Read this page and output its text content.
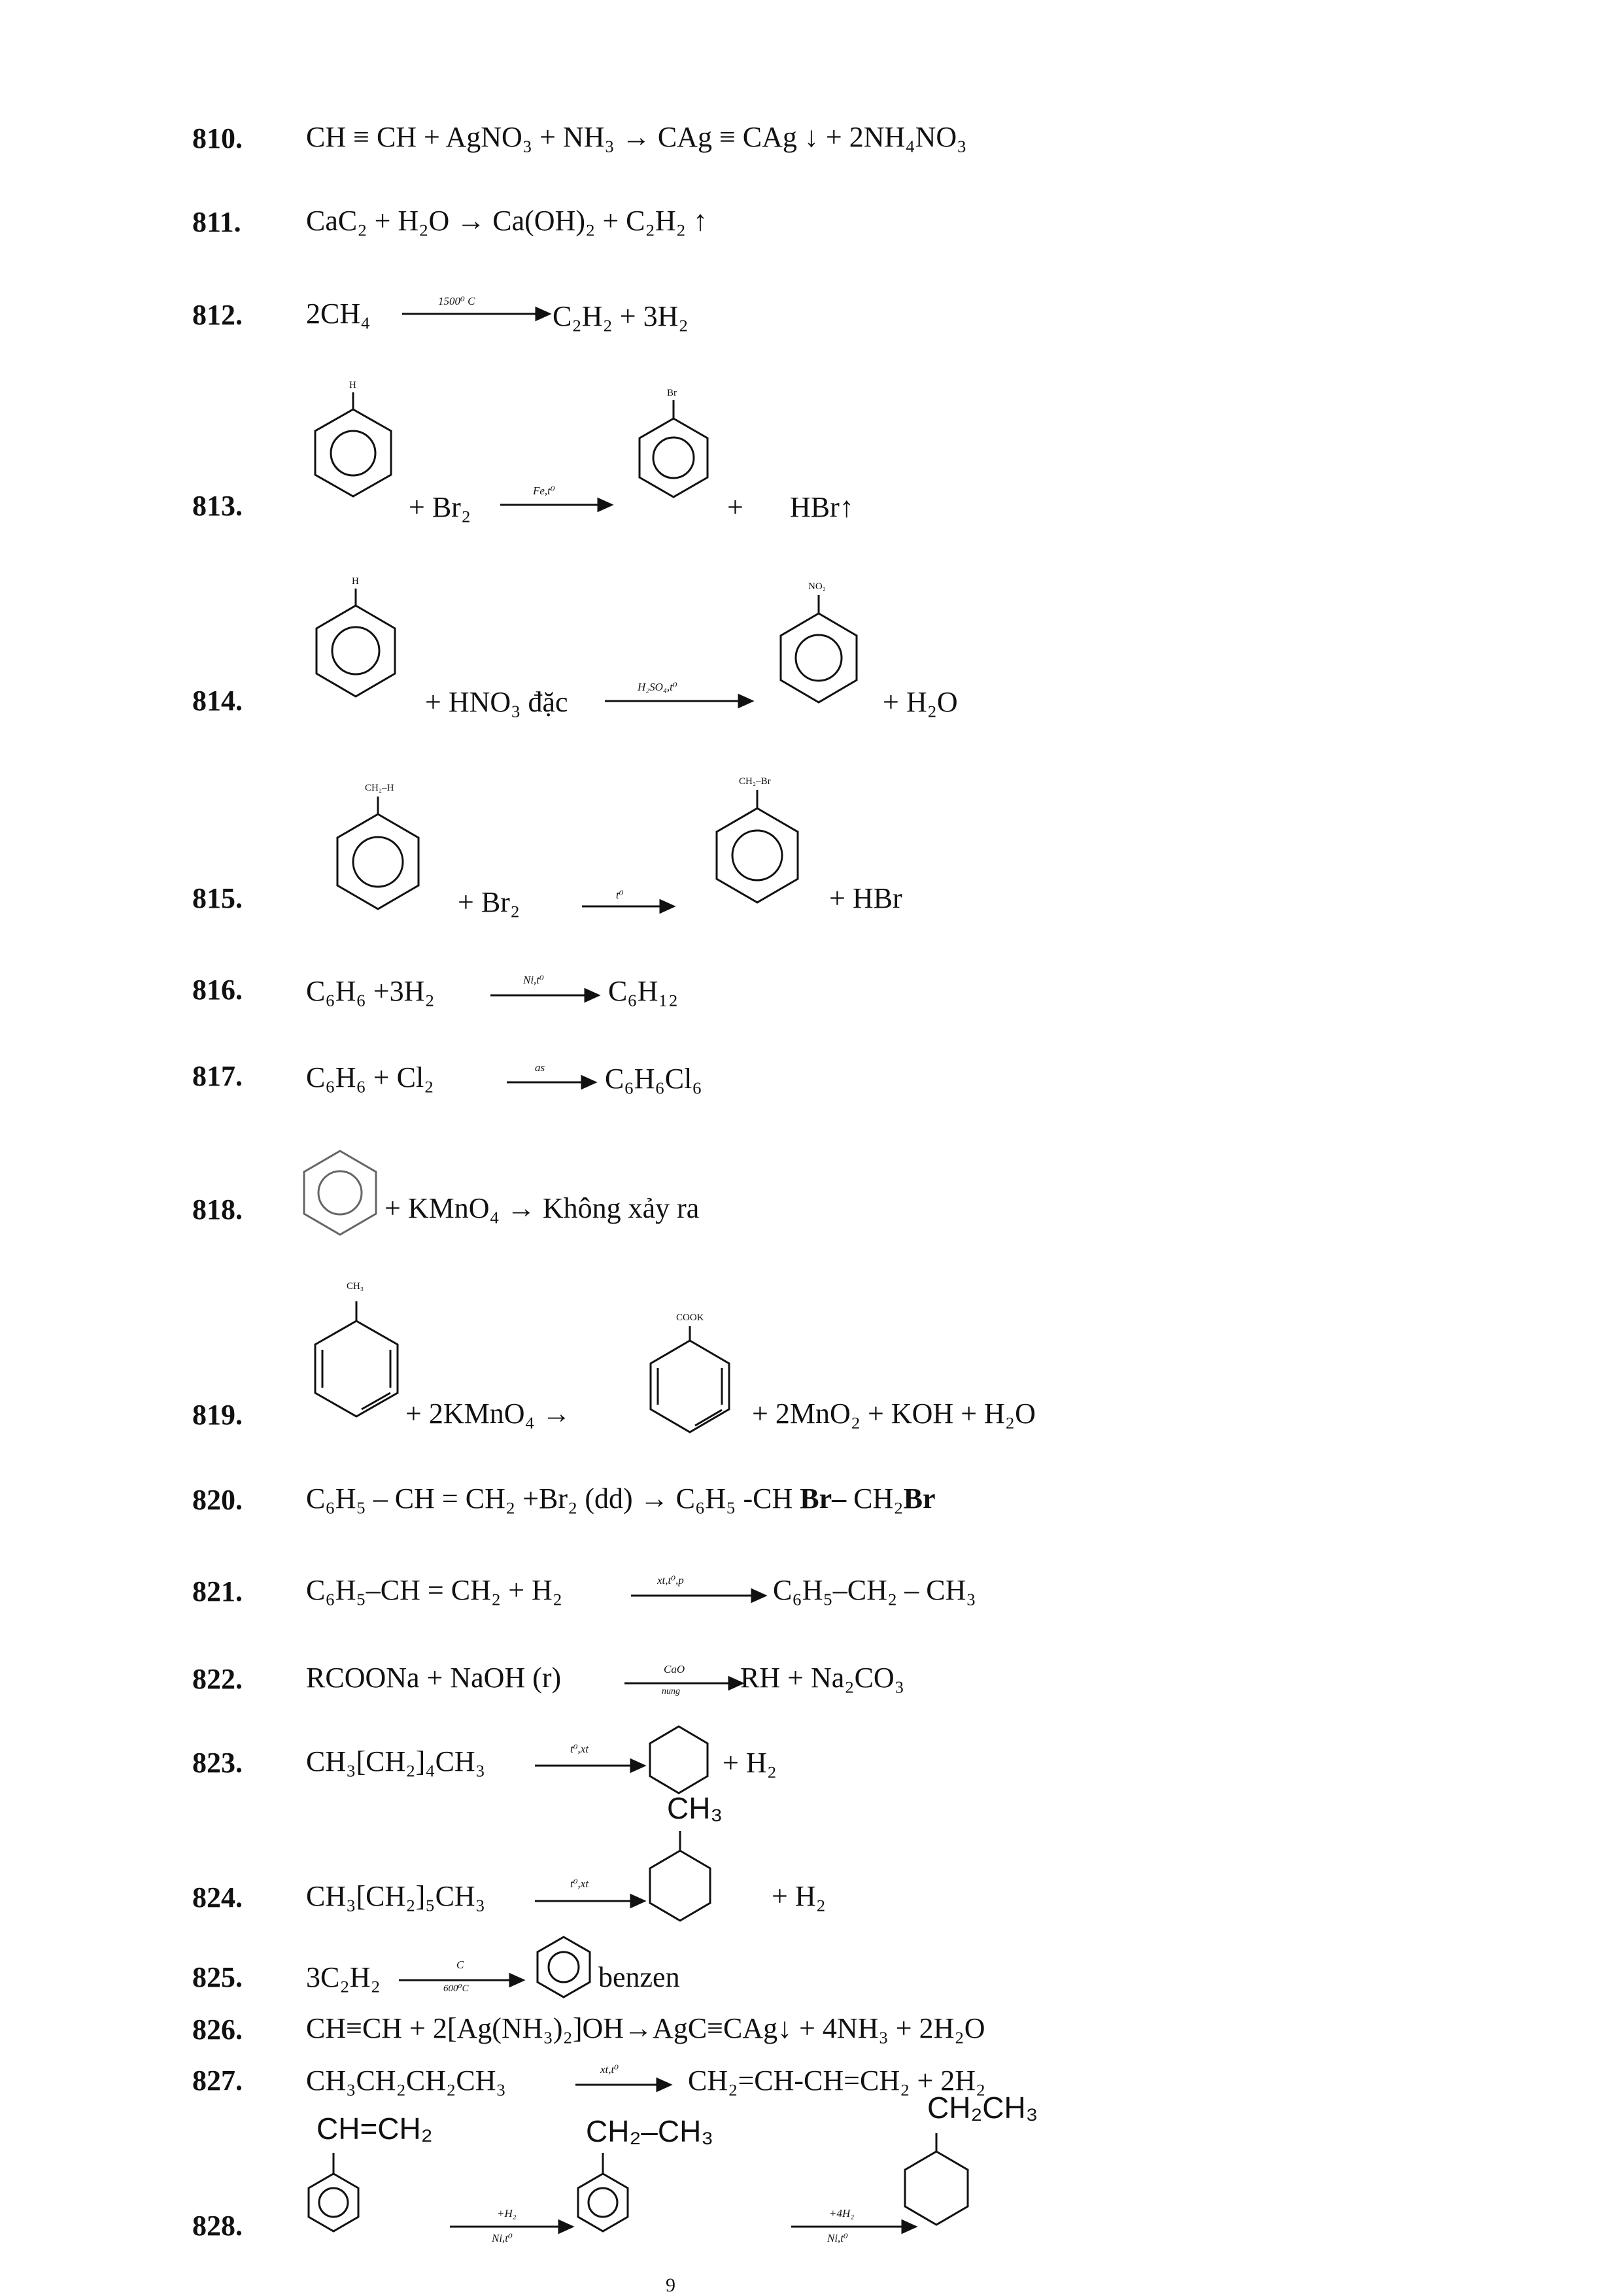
810. CH ≡ CH + AgNO₃ + NH₃ → CAg ≡ CAg ↓ + 2NH₄NO₃
811. CaC₂ + H₂O → Ca(OH)₂ + C₂H₂ ↑
812. 2CH₄	1500⁰ C	C₂H₂ + 3H₂
H
Br
813.	+ Br₂
Fe,t⁰
+ HBr↑
H	NO₂
814.	+ HNO₃ đặc	H₂SO₄,t⁰	+ H₂O
CH₂–H
CH₂–Br
815.	+ Br₂	t⁰	+ HBr
816. C₆H₆ +3H₂	Ni,t⁰ C₆H₁₂
817. C₆H₆ + Cl₂	as C₆H₆Cl₆
818.	+ KMnO₄ → Không xảy ra
CH₃
COOK
819.	+ 2KMnO₄ →	+ 2MnO₂ + KOH + H₂O
820. C₆H₅ – CH = CH₂ +Br₂ (dd) → C₆H₅ -CH Br– CH₂Br
821. C₆H₅–CH = CH₂ + H₂	xt,t⁰,p	C₆H₅–CH₂ – CH₃
822. RCOONa + NaOH (r)	CaO
nung RH + Na₂CO₃
823. CH₃[CH₂]₄CH₃	t⁰,xt	+ H₂
CH₃
824. CH₃[CH₂]₅CH₃	t⁰,xt	+ H₂
825. 3C₂H₂	C
600⁰C	benzen
826. CH≡CH + 2[Ag(NH₃)₂]OH→AgC≡CAg↓ + 4NH₃ + 2H₂O
827. CH₃CH₂CH₂CH₃	xt,t⁰ CH₂=CH-CH=CH₂ + 2H₂
CH=CH₂
+H₂
Ni,t⁰
CH₂–CH₃
+4H₂
Ni,t⁰
CH₂CH₃
828.
9
